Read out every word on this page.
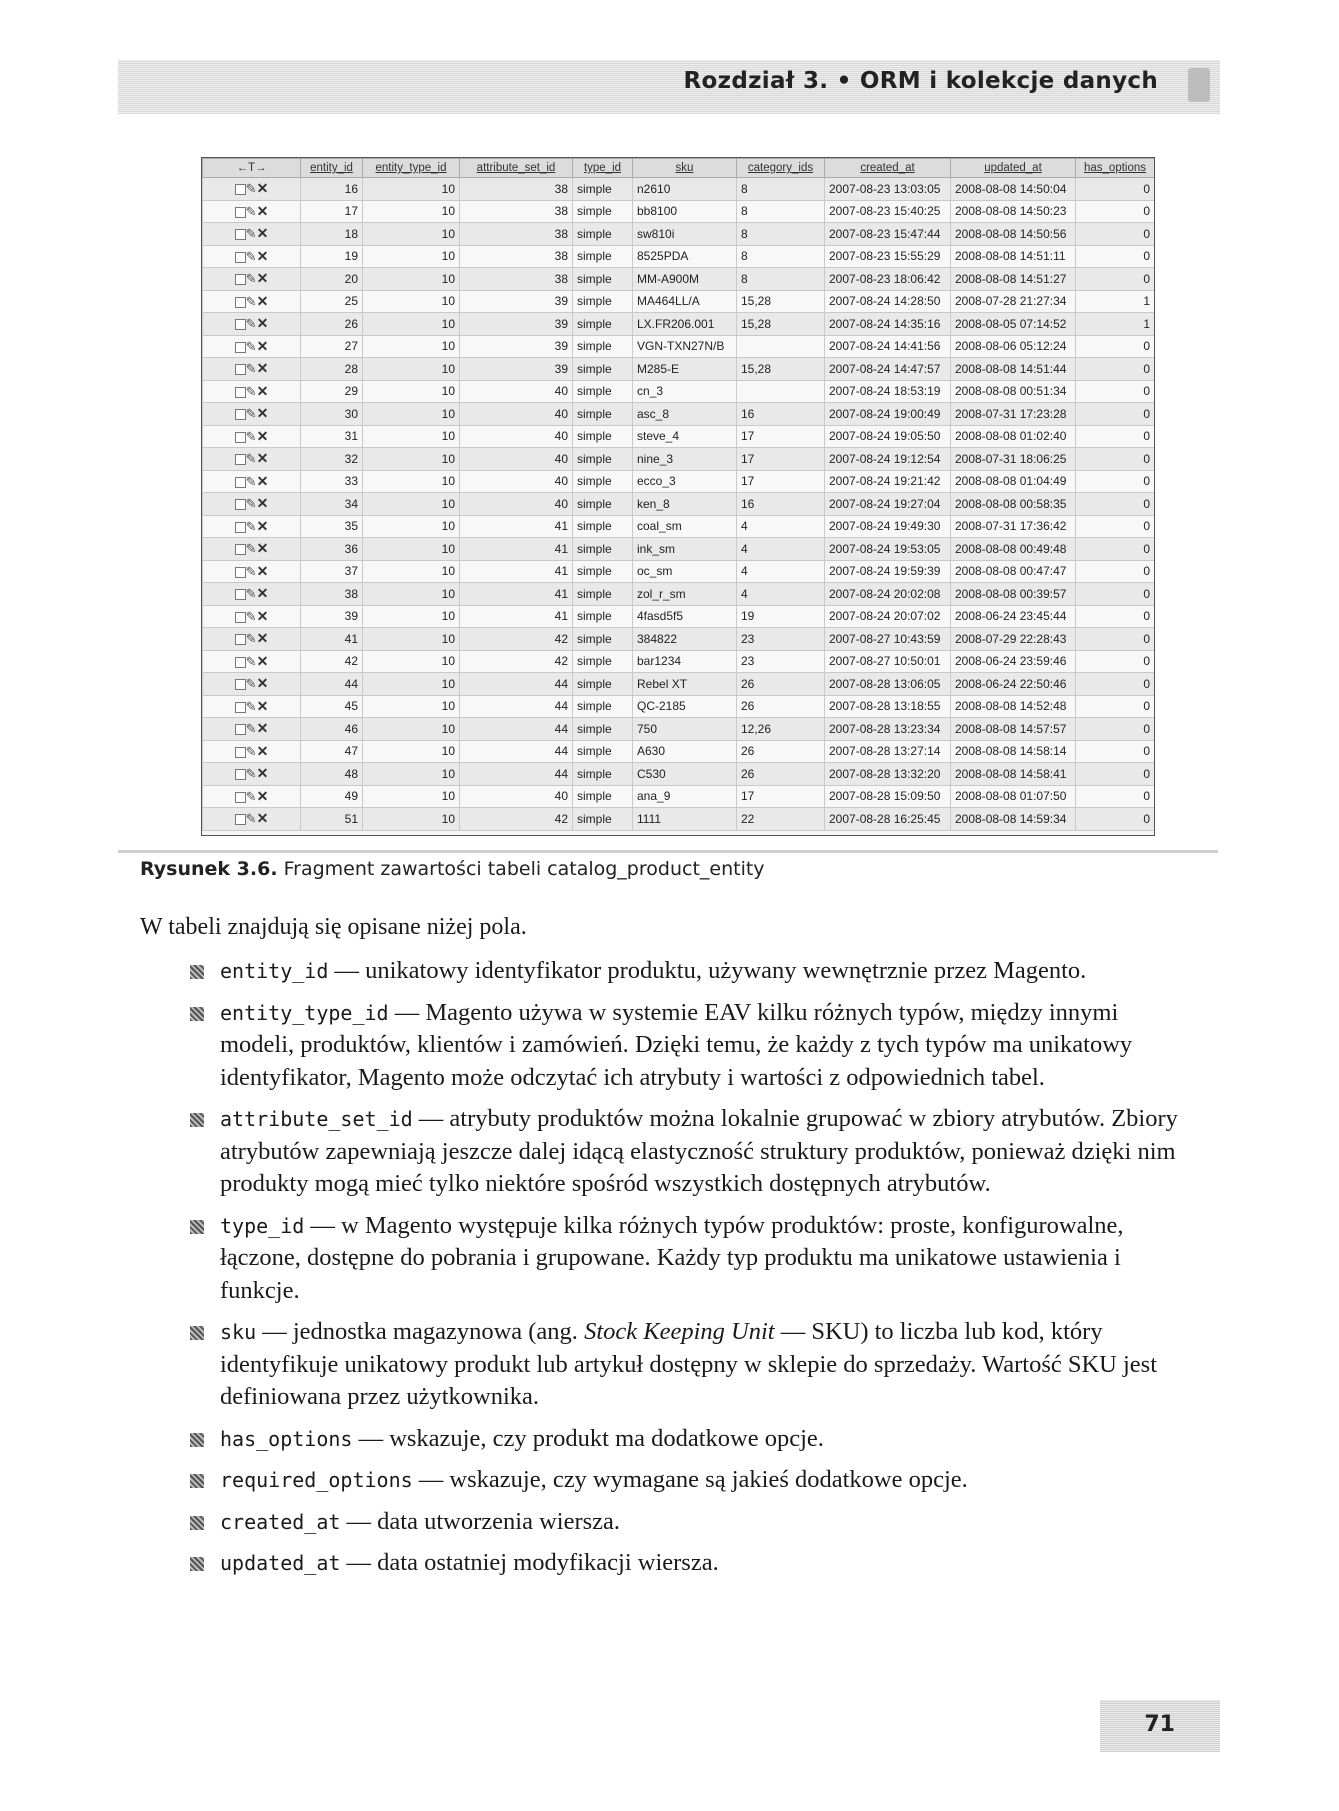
Rozdział 3. • ORM i kolekcje danych
←T→	entity_id	entity_type_id	attribute_set_id	type_id	sku	category_ids	created_at	updated_at	has_options
✎✕	16	10	38	simple	n2610	8	2007-08-23 13:03:05	2008-08-08 14:50:04	0
✎✕	17	10	38	simple	bb8100	8	2007-08-23 15:40:25	2008-08-08 14:50:23	0
✎✕	18	10	38	simple	sw810i	8	2007-08-23 15:47:44	2008-08-08 14:50:56	0
✎✕	19	10	38	simple	8525PDA	8	2007-08-23 15:55:29	2008-08-08 14:51:11	0
✎✕	20	10	38	simple	MM-A900M	8	2007-08-23 18:06:42	2008-08-08 14:51:27	0
✎✕	25	10	39	simple	MA464LL/A	15,28	2007-08-24 14:28:50	2008-07-28 21:27:34	1
✎✕	26	10	39	simple	LX.FR206.001	15,28	2007-08-24 14:35:16	2008-08-05 07:14:52	1
✎✕	27	10	39	simple	VGN-TXN27N/B		2007-08-24 14:41:56	2008-08-06 05:12:24	0
✎✕	28	10	39	simple	M285-E	15,28	2007-08-24 14:47:57	2008-08-08 14:51:44	0
✎✕	29	10	40	simple	cn_3		2007-08-24 18:53:19	2008-08-08 00:51:34	0
✎✕	30	10	40	simple	asc_8	16	2007-08-24 19:00:49	2008-07-31 17:23:28	0
✎✕	31	10	40	simple	steve_4	17	2007-08-24 19:05:50	2008-08-08 01:02:40	0
✎✕	32	10	40	simple	nine_3	17	2007-08-24 19:12:54	2008-07-31 18:06:25	0
✎✕	33	10	40	simple	ecco_3	17	2007-08-24 19:21:42	2008-08-08 01:04:49	0
✎✕	34	10	40	simple	ken_8	16	2007-08-24 19:27:04	2008-08-08 00:58:35	0
✎✕	35	10	41	simple	coal_sm	4	2007-08-24 19:49:30	2008-07-31 17:36:42	0
✎✕	36	10	41	simple	ink_sm	4	2007-08-24 19:53:05	2008-08-08 00:49:48	0
✎✕	37	10	41	simple	oc_sm	4	2007-08-24 19:59:39	2008-08-08 00:47:47	0
✎✕	38	10	41	simple	zol_r_sm	4	2007-08-24 20:02:08	2008-08-08 00:39:57	0
✎✕	39	10	41	simple	4fasd5f5	19	2007-08-24 20:07:02	2008-06-24 23:45:44	0
✎✕	41	10	42	simple	384822	23	2007-08-27 10:43:59	2008-07-29 22:28:43	0
✎✕	42	10	42	simple	bar1234	23	2007-08-27 10:50:01	2008-06-24 23:59:46	0
✎✕	44	10	44	simple	Rebel XT	26	2007-08-28 13:06:05	2008-06-24 22:50:46	0
✎✕	45	10	44	simple	QC-2185	26	2007-08-28 13:18:55	2008-08-08 14:52:48	0
✎✕	46	10	44	simple	750	12,26	2007-08-28 13:23:34	2008-08-08 14:57:57	0
✎✕	47	10	44	simple	A630	26	2007-08-28 13:27:14	2008-08-08 14:58:14	0
✎✕	48	10	44	simple	C530	26	2007-08-28 13:32:20	2008-08-08 14:58:41	0
✎✕	49	10	40	simple	ana_9	17	2007-08-28 15:09:50	2008-08-08 01:07:50	0
✎✕	51	10	42	simple	1111	22	2007-08-28 16:25:45	2008-08-08 14:59:34	0
Rysunek 3.6. Fragment zawartości tabeli catalog_product_entity
W tabeli znajdują się opisane niżej pola.
entity_id — unikatowy identyfikator produktu, używany wewnętrznie przez Magento.
entity_type_id — Magento używa w systemie EAV kilku różnych typów, między innymi modeli, produktów, klientów i zamówień. Dzięki temu, że każdy z tych typów ma unikatowy identyfikator, Magento może odczytać ich atrybuty i wartości z odpowiednich tabel.
attribute_set_id — atrybuty produktów można lokalnie grupować w zbiory atrybutów. Zbiory atrybutów zapewniają jeszcze dalej idącą elastyczność struktury produktów, ponieważ dzięki nim produkty mogą mieć tylko niektóre spośród wszystkich dostępnych atrybutów.
type_id — w Magento występuje kilka różnych typów produktów: proste, konfigurowalne, łączone, dostępne do pobrania i grupowane. Każdy typ produktu ma unikatowe ustawienia i funkcje.
sku — jednostka magazynowa (ang. Stock Keeping Unit — SKU) to liczba lub kod, który identyfikuje unikatowy produkt lub artykuł dostępny w sklepie do sprzedaży. Wartość SKU jest definiowana przez użytkownika.
has_options — wskazuje, czy produkt ma dodatkowe opcje.
required_options — wskazuje, czy wymagane są jakieś dodatkowe opcje.
created_at — data utworzenia wiersza.
updated_at — data ostatniej modyfikacji wiersza.
71
